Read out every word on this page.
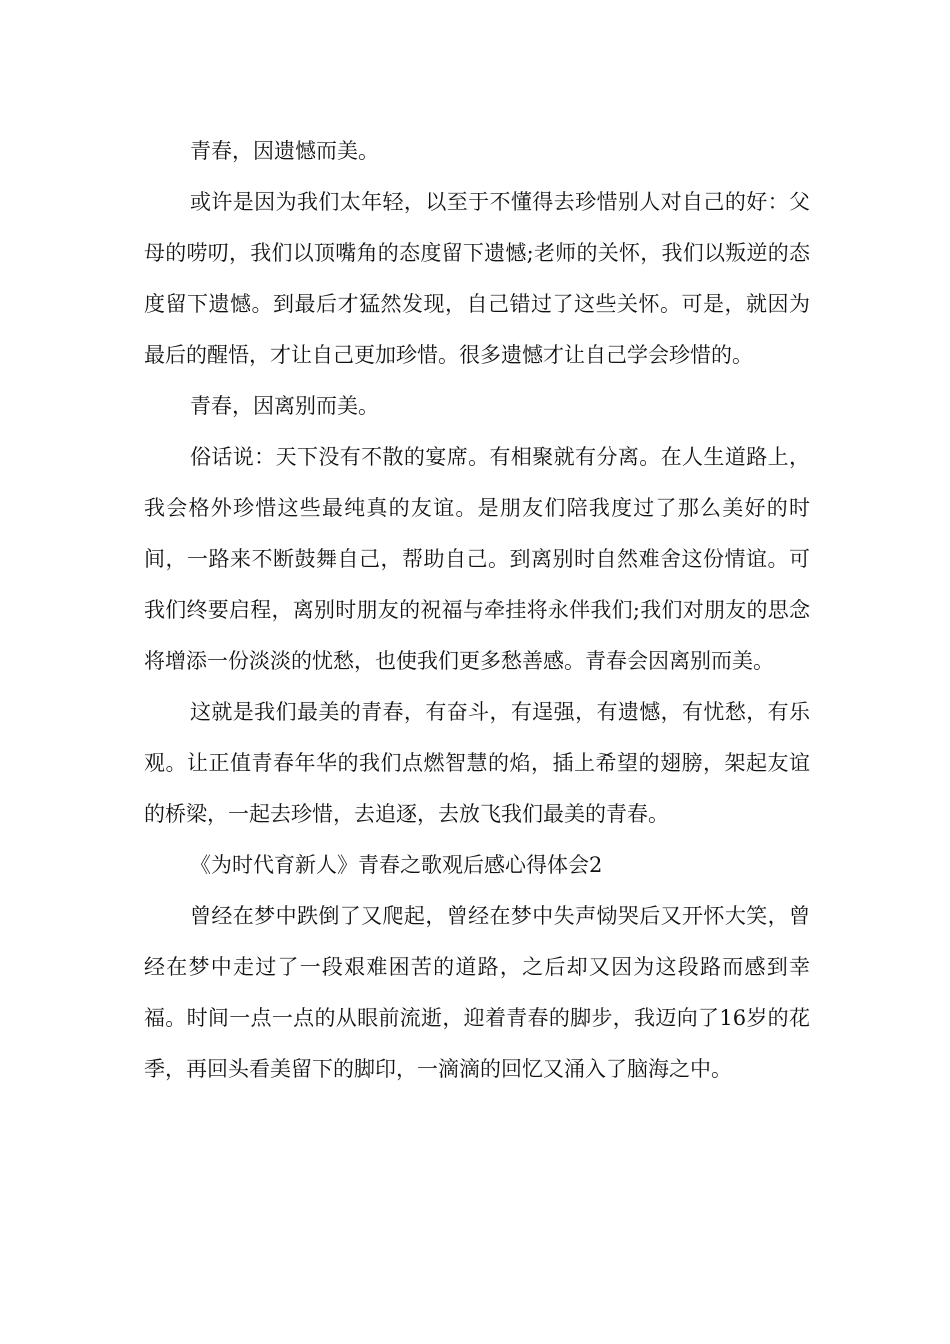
青春，因遗憾而美。

或许是因为我们太年轻，以至于不懂得去珍惜别人对自己的好：父母的唠叨，我们以顶嘴角的态度留下遗憾;老师的关怀，我们以叛逆的态度留下遗憾。到最后才猛然发现，自己错过了这些关怀。可是，就因为最后的醒悟，才让自己更加珍惜。很多遗憾才让自己学会珍惜的。

青春，因离别而美。

俗话说：天下没有不散的宴席。有相聚就有分离。在人生道路上，我会格外珍惜这些最纯真的友谊。是朋友们陪我度过了那么美好的时间，一路来不断鼓舞自己，帮助自己。到离别时自然难舍这份情谊。可我们终要启程，离别时朋友的祝福与牵挂将永伴我们;我们对朋友的思念将增添一份淡淡的忧愁，也使我们更多愁善感。青春会因离别而美。

这就是我们最美的青春，有奋斗，有逞强，有遗憾，有忧愁，有乐观。让正值青春年华的我们点燃智慧的焰，插上希望的翅膀，架起友谊的桥梁，一起去珍惜，去追逐，去放飞我们最美的青春。

《为时代育新人》青春之歌观后感心得体会2

曾经在梦中跌倒了又爬起，曾经在梦中失声恸哭后又开怀大笑，曾经在梦中走过了一段艰难困苦的道路，之后却又因为这段路而感到幸福。时间一点一点的从眼前流逝，迎着青春的脚步，我迈向了16岁的花季，再回头看美留下的脚印，一滴滴的回忆又涌入了脑海之中。
